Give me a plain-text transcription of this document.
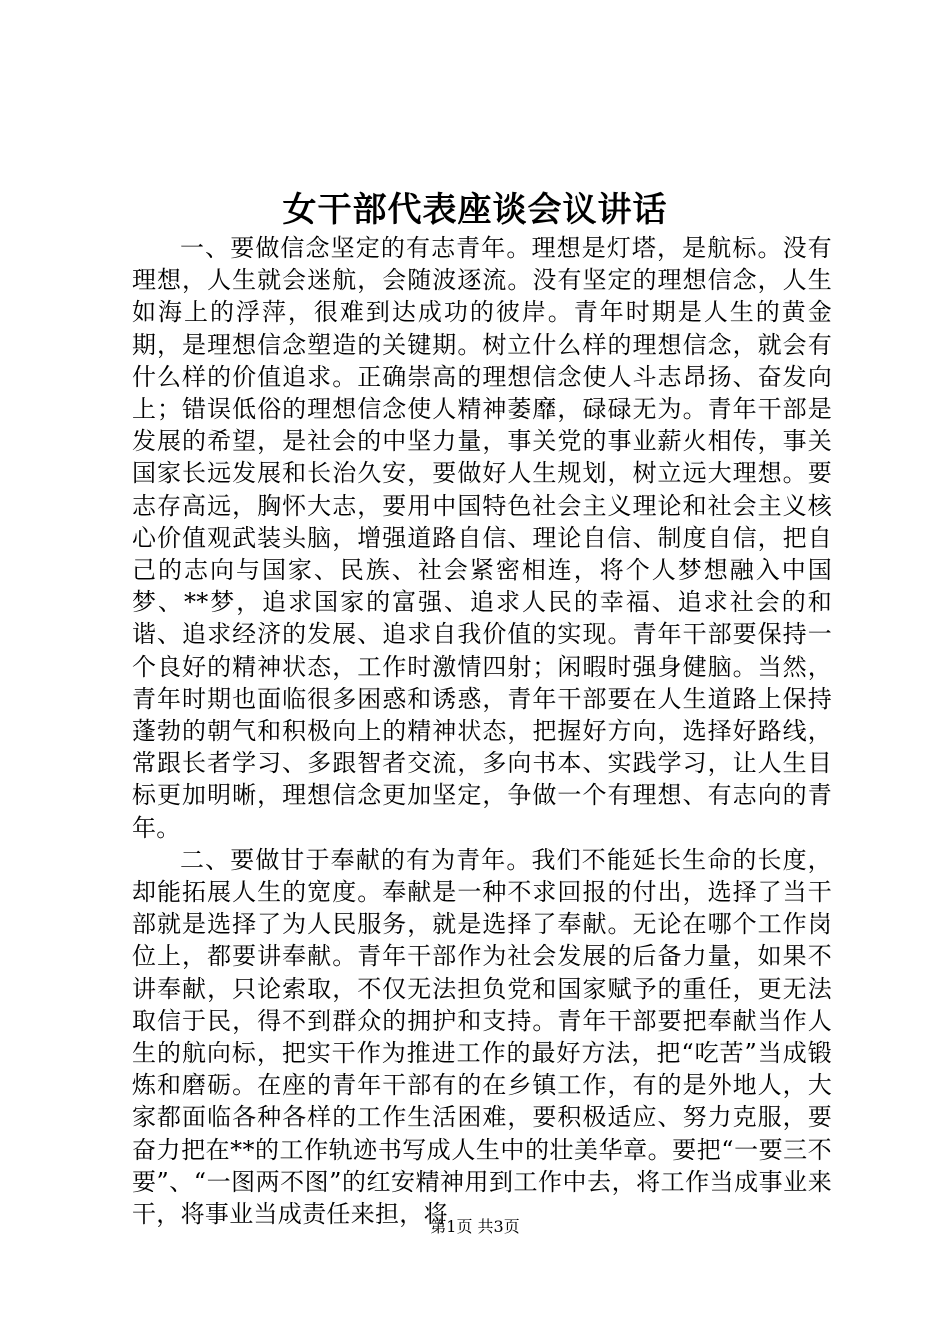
女干部代表座谈会议讲话

一、要做信念坚定的有志青年。理想是灯塔，是航标。没有理想，人生就会迷航，会随波逐流。没有坚定的理想信念，人生如海上的浮萍，很难到达成功的彼岸。青年时期是人生的黄金期，是理想信念塑造的关键期。树立什么样的理想信念，就会有什么样的价值追求。正确崇高的理想信念使人斗志昂扬、奋发向上；错误低俗的理想信念使人精神萎靡，碌碌无为。青年干部是发展的希望，是社会的中坚力量，事关党的事业薪火相传，事关国家长远发展和长治久安，要做好人生规划，树立远大理想。要志存高远，胸怀大志，要用中国特色社会主义理论和社会主义核心价值观武装头脑，增强道路自信、理论自信、制度自信，把自己的志向与国家、民族、社会紧密相连，将个人梦想融入中国梦、**梦，追求国家的富强、追求人民的幸福、追求社会的和谐、追求经济的发展、追求自我价值的实现。青年干部要保持一个良好的精神状态，工作时激情四射；闲暇时强身健脑。当然，青年时期也面临很多困惑和诱惑，青年干部要在人生道路上保持蓬勃的朝气和积极向上的精神状态，把握好方向，选择好路线，常跟长者学习、多跟智者交流，多向书本、实践学习，让人生目标更加明晰，理想信念更加坚定，争做一个有理想、有志向的青年。

二、要做甘于奉献的有为青年。我们不能延长生命的长度，却能拓展人生的宽度。奉献是一种不求回报的付出，选择了当干部就是选择了为人民服务，就是选择了奉献。无论在哪个工作岗位上，都要讲奉献。青年干部作为社会发展的后备力量，如果不讲奉献，只论索取，不仅无法担负党和国家赋予的重任，更无法取信于民，得不到群众的拥护和支持。青年干部要把奉献当作人生的航向标，把实干作为推进工作的最好方法，把“吃苦”当成锻炼和磨砺。在座的青年干部有的在乡镇工作，有的是外地人，大家都面临各种各样的工作生活困难，要积极适应、努力克服，要奋力把在**的工作轨迹书写成人生中的壮美华章。要把“一要三不要”、“一图两不图”的红安精神用到工作中去，将工作当成事业来干，将事业当成责任来担，将

第1页 共3页
